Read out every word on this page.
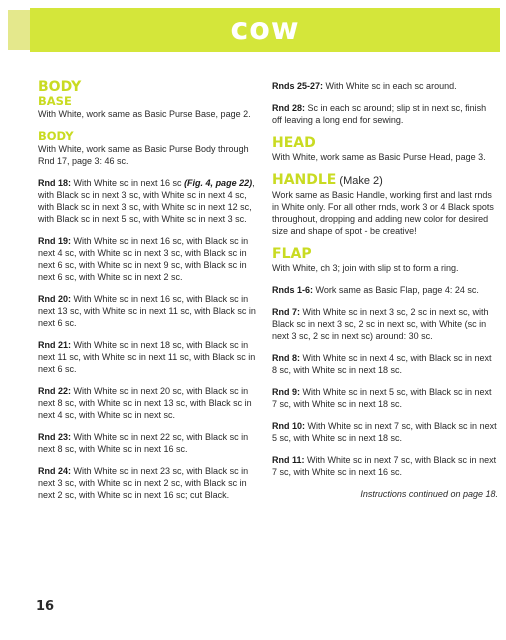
cow
BODY
BASE

With White, work same as Basic Purse Base, page 2.

BODY

With White, work same as Basic Purse Body through Rnd 17, page 3: 46 sc.

Rnd 18: With White sc in next 16 sc (Fig. 4, page 22), with Black sc in next 3 sc, with White sc in next 4 sc, with Black sc in next 3 sc, with White sc in next 12 sc, with Black sc in next 5 sc, with White sc in next 3 sc.

Rnd 19: With White sc in next 16 sc, with Black sc in next 4 sc, with White sc in next 3 sc, with Black sc in next 6 sc, with White sc in next 9 sc, with Black sc in next 6 sc, with White sc in next 2 sc.

Rnd 20: With White sc in next 16 sc, with Black sc in next 13 sc, with White sc in next 11 sc, with Black sc in next 6 sc.

Rnd 21: With White sc in next 18 sc, with Black sc in next 11 sc, with White sc in next 11 sc, with Black sc in next 6 sc.

Rnd 22: With White sc in next 20 sc, with Black sc in next 8 sc, with White sc in next 13 sc, with Black sc in next 4 sc, with White sc in next sc.

Rnd 23: With White sc in next 22 sc, with Black sc in next 8 sc, with White sc in next 16 sc.

Rnd 24: With White sc in next 23 sc, with Black sc in next 3 sc, with White sc in next 2 sc, with Black sc in next 2 sc, with White sc in next 16 sc; cut Black.

Rnds 25-27: With White sc in each sc around.

Rnd 28: Sc in each sc around; slip st in next sc, finish off leaving a long end for sewing.

HEAD

With White, work same as Basic Purse Head, page 3.

HANDLE (Make 2)

Work same as Basic Handle, working first and last rnds in White only. For all other rnds, work 3 or 4 Black spots throughout, dropping and adding new color for desired size and shape of spot - be creative!

FLAP

With White, ch 3; join with slip st to form a ring.

Rnds 1-6: Work same as Basic Flap, page 4: 24 sc.

Rnd 7: With White sc in next 3 sc, 2 sc in next sc, with Black sc in next 3 sc, 2 sc in next sc, with White (sc in next 3 sc, 2 sc in next sc) around: 30 sc.

Rnd 8: With White sc in next 4 sc, with Black sc in next 8 sc, with White sc in next 18 sc.

Rnd 9: With White sc in next 5 sc, with Black sc in next 7 sc, with White sc in next 18 sc.

Rnd 10: With White sc in next 7 sc, with Black sc in next 5 sc, with White sc in next 18 sc.

Rnd 11: With White sc in next 7 sc, with Black sc in next 7 sc, with White sc in next 16 sc.

Instructions continued on page 18.

16
